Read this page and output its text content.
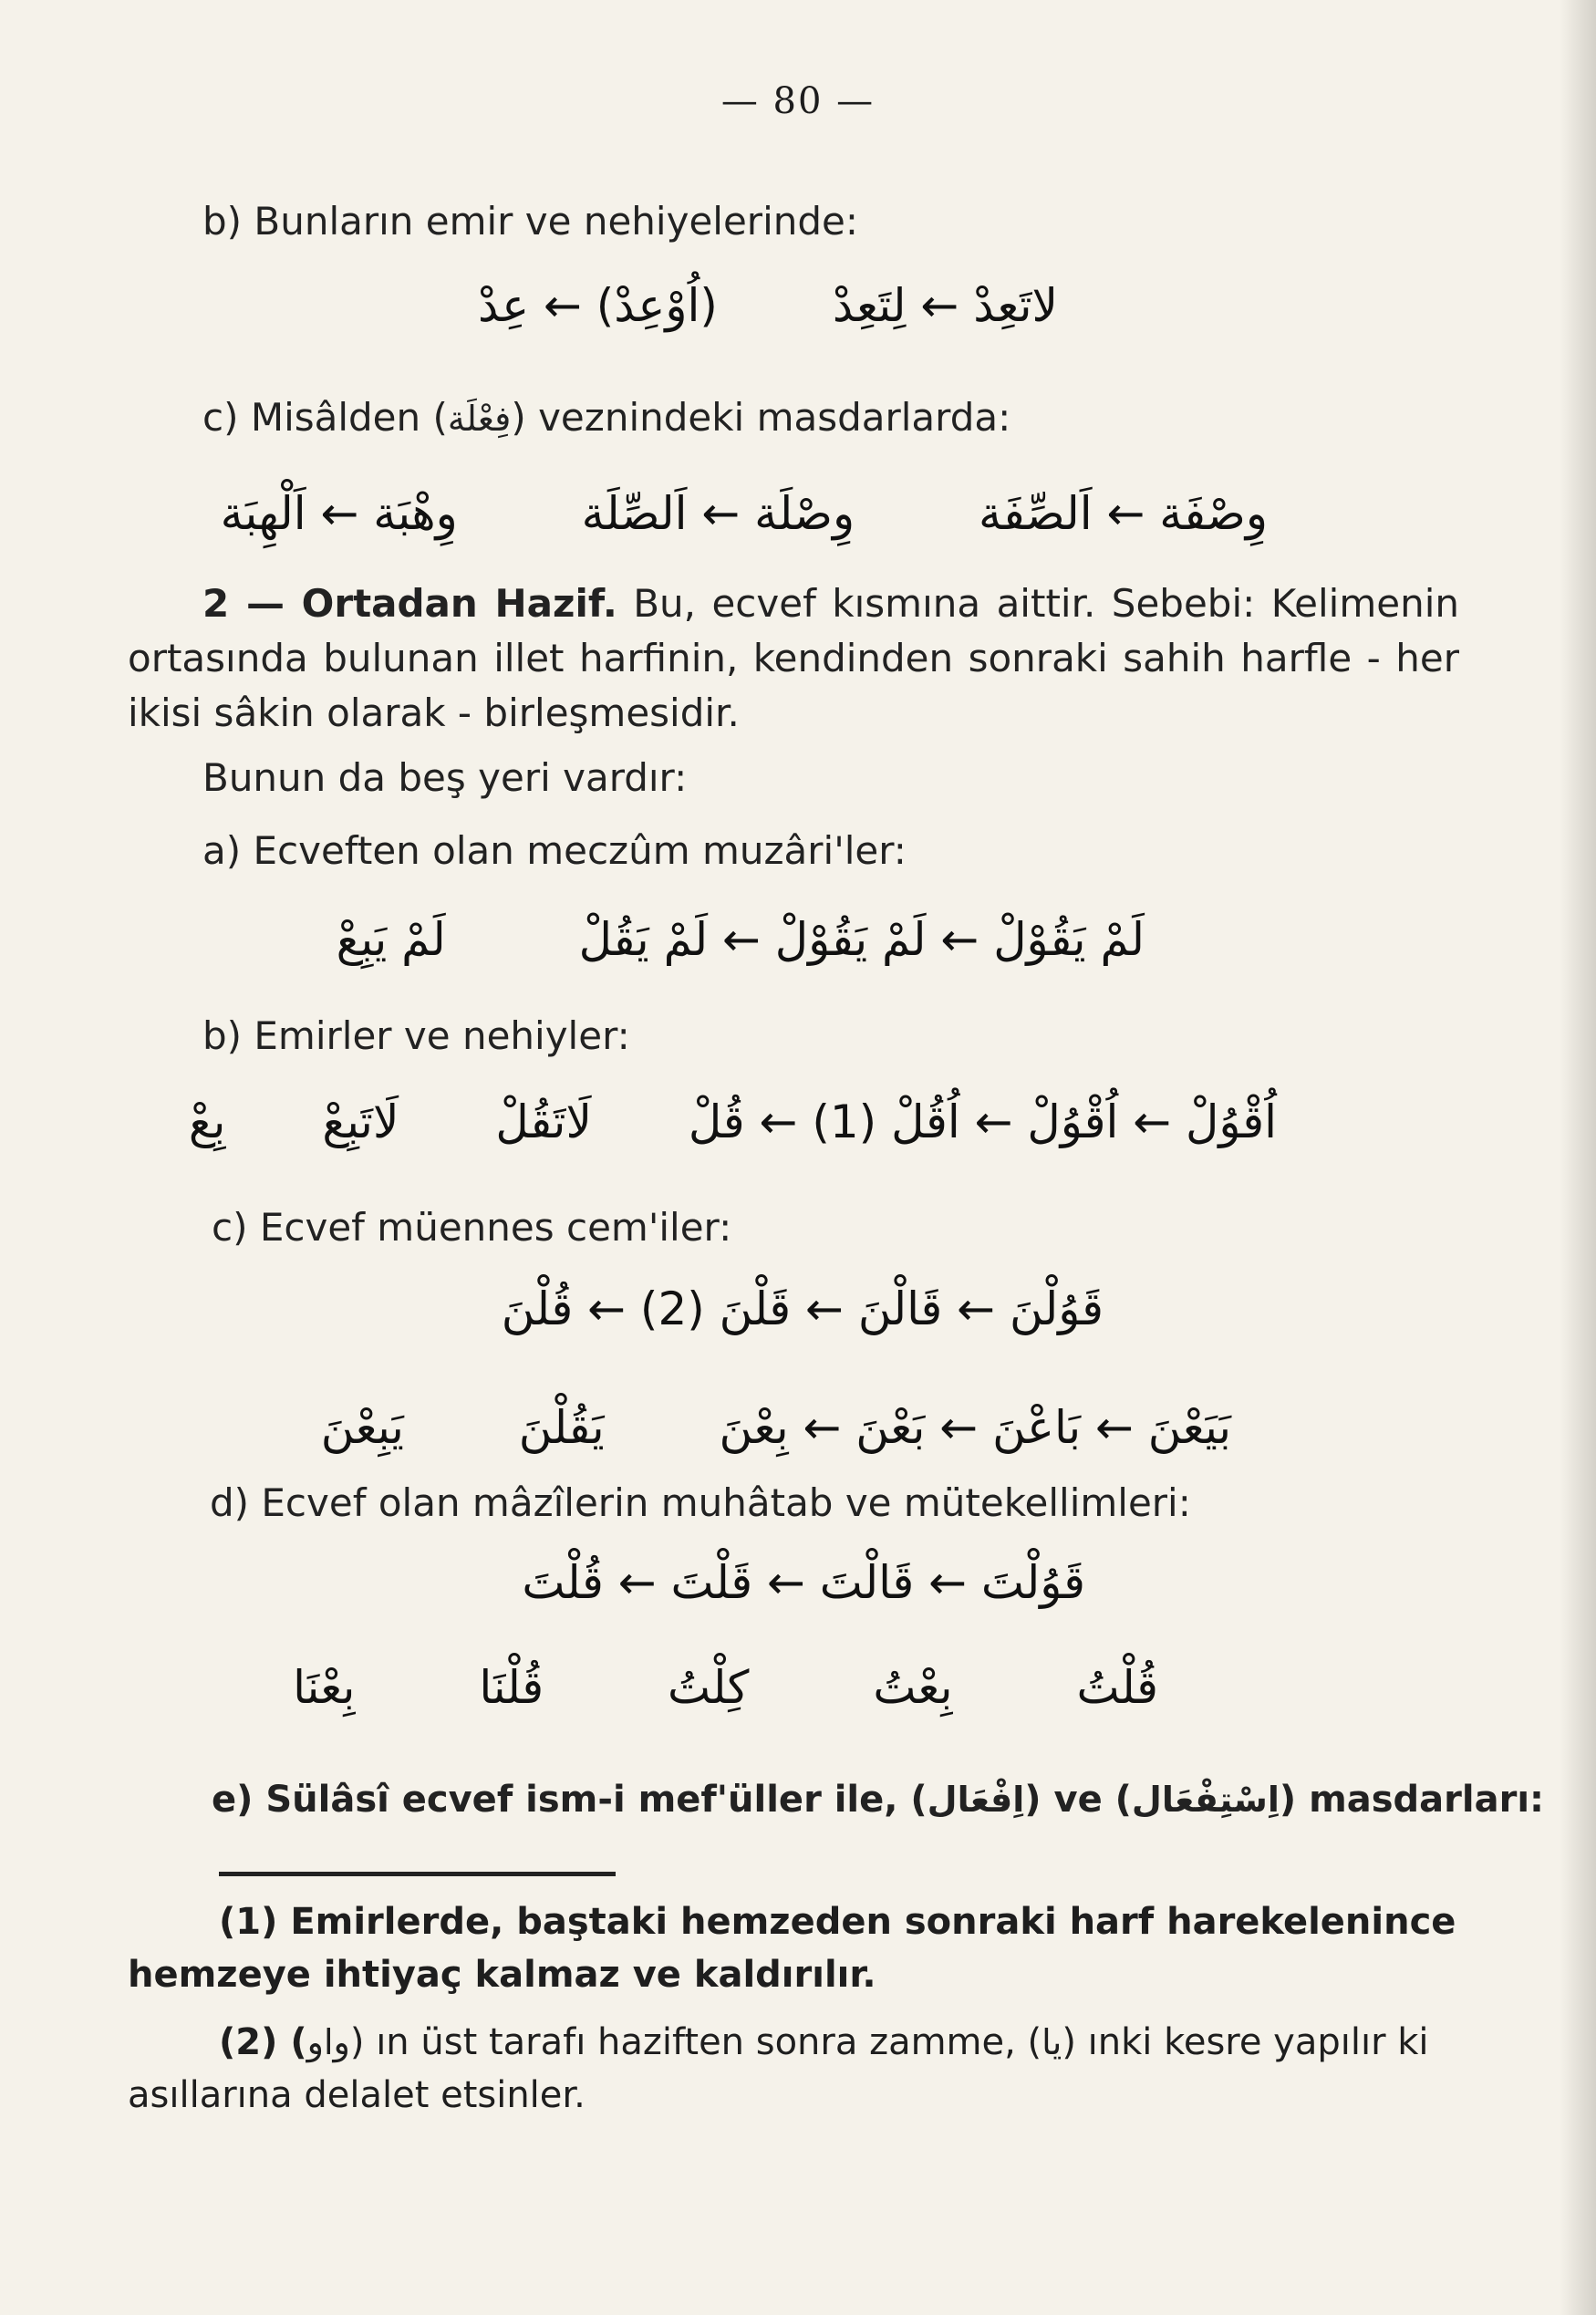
— 80 —
b) Bunların emir ve nehiyelerinde:
لاتَعِدْ ← لِتَعِدْ (اُوْعِدْ) ← عِدْ
c) Misâlden (فِعْلَة) veznindeki masdarlarda:
وِصْفَة ← اَلصِّفَة وِصْلَة ← اَلصِّلَة وِهْبَة ← اَلْهِبَة
2 — Ortadan Hazif. Bu, ecvef kısmına aittir. Sebebi: Kelimenin ortasında bulunan illet harfinin, kendinden sonraki sahih harfle - her ikisi sâkin olarak - birleşmesidir.
Bunun da beş yeri vardır:
a) Ecveften olan meczûm muzâri'ler:
لَمْ يَقُوْلْ ← لَمْ يَقُوْلْ ← لَمْ يَقُلْ لَمْ يَبِعْ
b) Emirler ve nehiyler:
اُقْوُلْ ← اُقْوُلْ ← اُقُلْ (1) ← قُلْ لَاتَقُلْ لَاتَبِعْ بِعْ
c) Ecvef müennes cem'iler:
قَوُلْنَ ← قَالْنَ ← قَلْنَ (2) ← قُلْنَ
بَيَعْنَ ← بَاعْنَ ← بَعْنَ ← بِعْنَ يَقُلْنَ يَبِعْنَ
d) Ecvef olan mâzîlerin muhâtab ve mütekellimleri:
قَوُلْتَ ← قَالْتَ ← قَلْتَ ← قُلْتَ
قُلْتُ بِعْتُ كِلْتُ قُلْنَا بِعْنَا
e) Sülâsî ecvef ism-i mef'üller ile, (اِفْعَال) ve (اِسْتِفْعَال) masdarları:
(1) Emirlerde, baştaki hemzeden sonraki harf harekelenince hemzeye ihtiyaç kalmaz ve kaldırılır.
(2) (واو) ın üst tarafı haziften sonra zamme, (يا) ınki kesre yapılır ki asıllarına delalet etsinler.
